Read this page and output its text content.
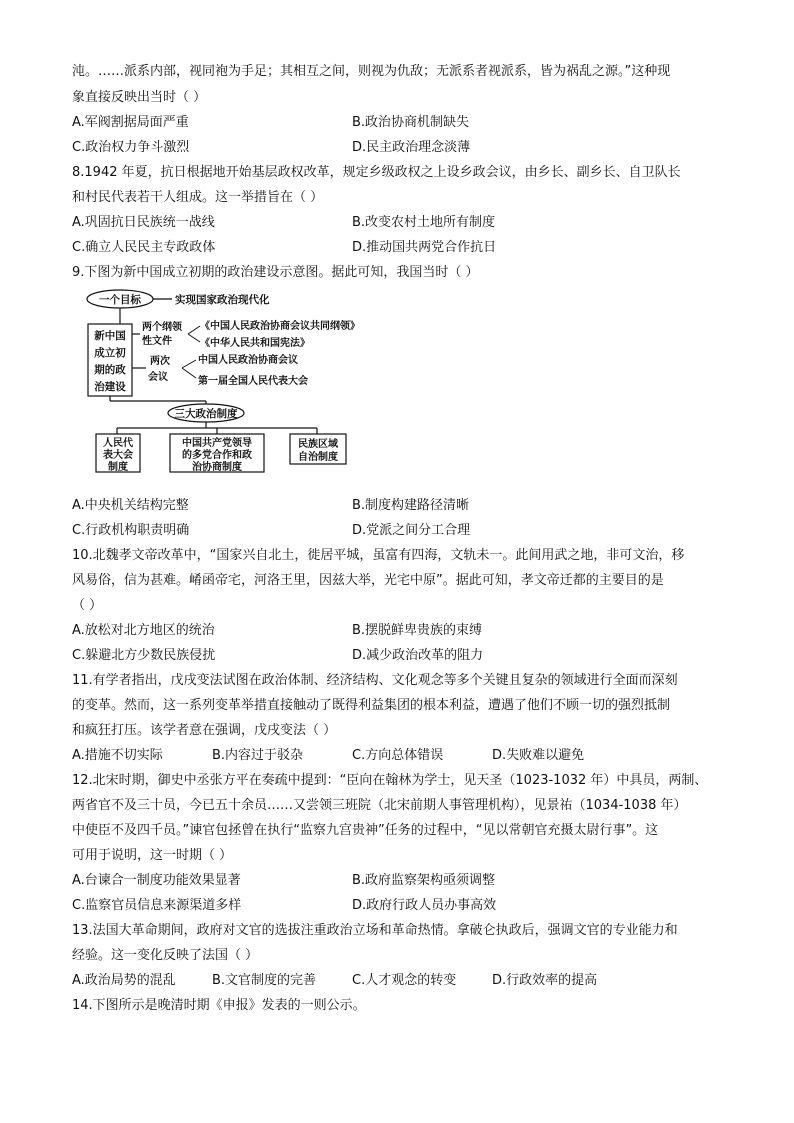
沌。……派系内部，视同袍为手足；其相互之间，则视为仇敌；无派系者视派系，皆为祸乱之源。”这种现
象直接反映出当时（ ）
A.军阀割据局面严重	B.政治协商机制缺失
C.政治权力争斗激烈	D.民主政治理念淡薄
8.1942 年夏，抗日根据地开始基层政权改革，规定乡级政权之上设乡政会议，由乡长、副乡长、自卫队长
和村民代表若干人组成。这一举措旨在（ ）
A.巩固抗日民族统一战线	B.改变农村土地所有制度
C.确立人民民主专政政体	D.推动国共两党合作抗日
9.下图为新中国成立初期的政治建设示意图。据此可知，我国当时（ ）
一个目标	实现国家政治现代化
新中国
成立初
期的政
治建设
两个纲领
性文件
《中国人民政治协商会议共同纲领》
《中华人民共和国宪法》
两次
会议
中国人民政治协商会议
第一届全国人民代表大会
三大政治制度
人民代
表大会
制度
中国共产党领导
的多党合作和政
治协商制度
民族区域
自治制度
A.中央机关结构完整	B.制度构建路径清晰
C.行政机构职责明确	D.党派之间分工合理
10.北魏孝文帝改革中，“国家兴自北土，徙居平城，虽富有四海，文轨未一。此间用武之地，非可文治，移
风易俗，信为甚难。崤函帝宅，河洛王里，因兹大举，光宅中原”。据此可知，孝文帝迁都的主要目的是
（ ）
A.放松对北方地区的统治	B.摆脱鲜卑贵族的束缚
C.躲避北方少数民族侵扰	D.减少政治改革的阻力
11.有学者指出，戊戌变法试图在政治体制、经济结构、文化观念等多个关键且复杂的领域进行全面而深刻
的变革。然而，这一系列变革举措直接触动了既得利益集团的根本利益，遭遇了他们不顾一切的强烈抵制
和疯狂打压。该学者意在强调，戊戌变法（ ）
A.措施不切实际	B.内容过于驳杂	C.方向总体错误	D.失败难以避免
12.北宋时期，御史中丞张方平在奏疏中提到：“臣向在翰林为学士，见天圣（1023-1032 年）中具员，两制、
两省官不及三十员，今已五十余员……又尝领三班院（北宋前期人事管理机构），见景祐（1034-1038 年）
中使臣不及四千员。”谏官包拯曾在执行“监察九宫贵神”任务的过程中，“见以常朝官充摄太尉行事”。这
可用于说明，这一时期（ ）
A.台谏合一制度功能效果显著	B.政府监察架构亟须调整
C.监察官员信息来源渠道多样	D.政府行政人员办事高效
13.法国大革命期间，政府对文官的选拔注重政治立场和革命热情。拿破仑执政后，强调文官的专业能力和
经验。这一变化反映了法国（ ）
A.政治局势的混乱	B.文官制度的完善	C.人才观念的转变	D.行政效率的提高
14.下图所示是晚清时期《申报》发表的一则公示。
